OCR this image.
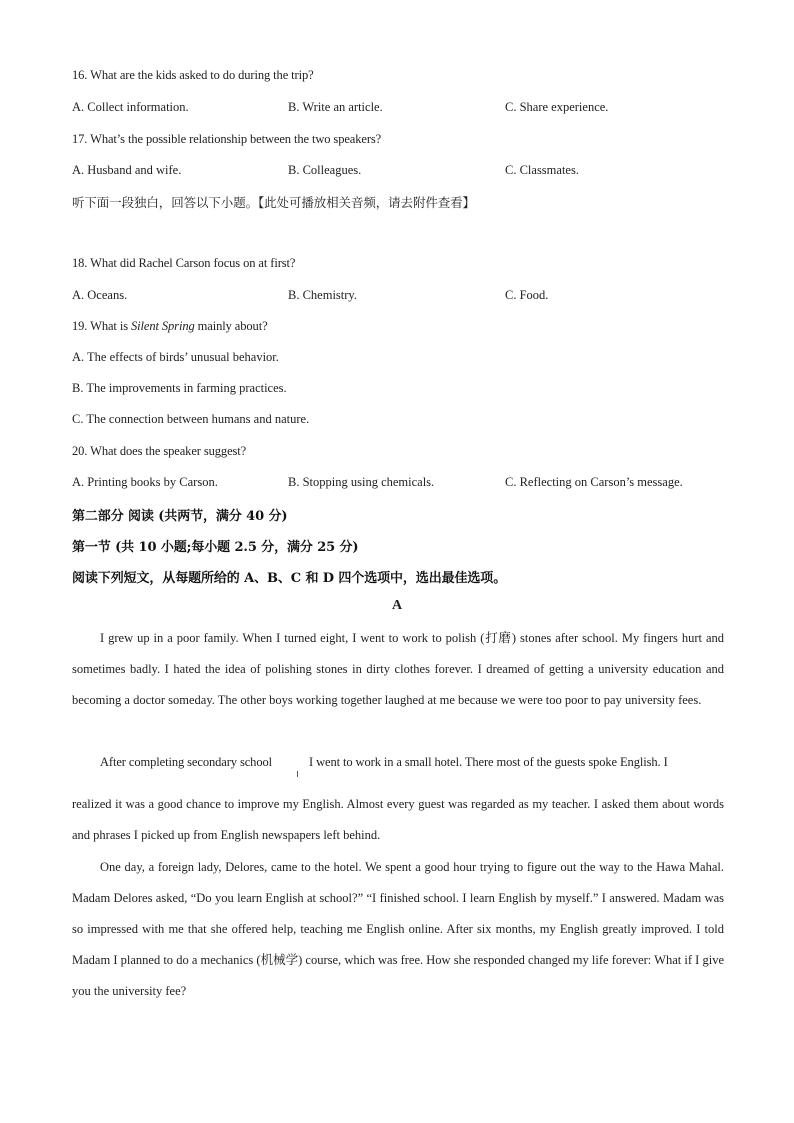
16. What are the kids asked to do during the trip?
A. Collect information.	B. Write an article.	C. Share experience.
17. What’s the possible relationship between the two speakers?
A. Husband and wife.	B. Colleagues.	C. Classmates.
听下面一段独白，回答以下小题。【此处可播放相关音频，请去附件查看】
18. What did Rachel Carson focus on at first?
A. Oceans.	B. Chemistry.	C. Food.
19. What is Silent Spring mainly about?
A. The effects of birds’ unusual behavior.
B. The improvements in farming practices.
C. The connection between humans and nature.
20. What does the speaker suggest?
A. Printing books by Carson.	B. Stopping using chemicals.	C. Reflecting on Carson’s message.
第二部分 阅读 (共两节，满分 40 分)
第一节 (共 10 小题;每小题 2.5 分，满分 25 分)
阅读下列短文，从每题所给的 A、B、C 和 D 四个选项中，选出最佳选项。
A

I grew up in a poor family. When I turned eight, I went to work to polish (打磨) stones after school. My fingers hurt and sometimes badly. I hated the idea of polishing stones in dirty clothes forever. I dreamed of getting a university education and becoming a doctor someday. The other boys working together laughed at me because we were too poor to pay university fees.

After completing secondary school	I went to work in a small hotel. There most of the guests spoke English. I

realized it was a good chance to improve my English. Almost every guest was regarded as my teacher. I asked them about words and phrases I picked up from English newspapers left behind.

One day, a foreign lady, Delores, came to the hotel. We spent a good hour trying to figure out the way to the Hawa Mahal. Madam Delores asked, “Do you learn English at school?” “I finished school. I learn English by myself.” I answered. Madam was so impressed with me that she offered help, teaching me English online. After six months, my English greatly improved. I told Madam I planned to do a mechanics (机械学) course, which was free. How she responded changed my life forever: What if I give you the university fee?
